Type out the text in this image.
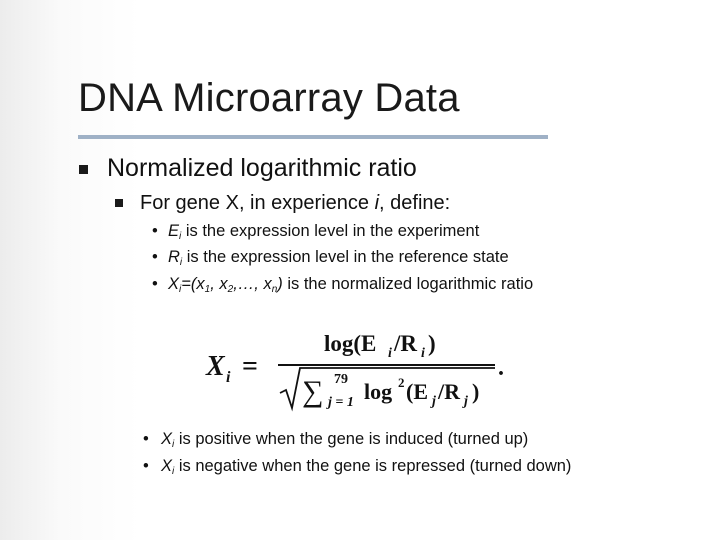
DNA Microarray Data
Normalized logarithmic ratio
For gene X, in experience i, define:
• $E_i$ is the expression level in the experiment
• $R_i$ is the expression level in the reference state
• $X_i=(x_1$, $x_2,\dots$, $x_n$) is the normalized logarithmic ratio
X i =
log(E i /R i )
∑ 79
j = 1 log 2 (E j /R j )
.
• $X_i$ is positive when the gene is induced (turned up)
• $X_i$ is negative when the gene is repressed (turned down)
